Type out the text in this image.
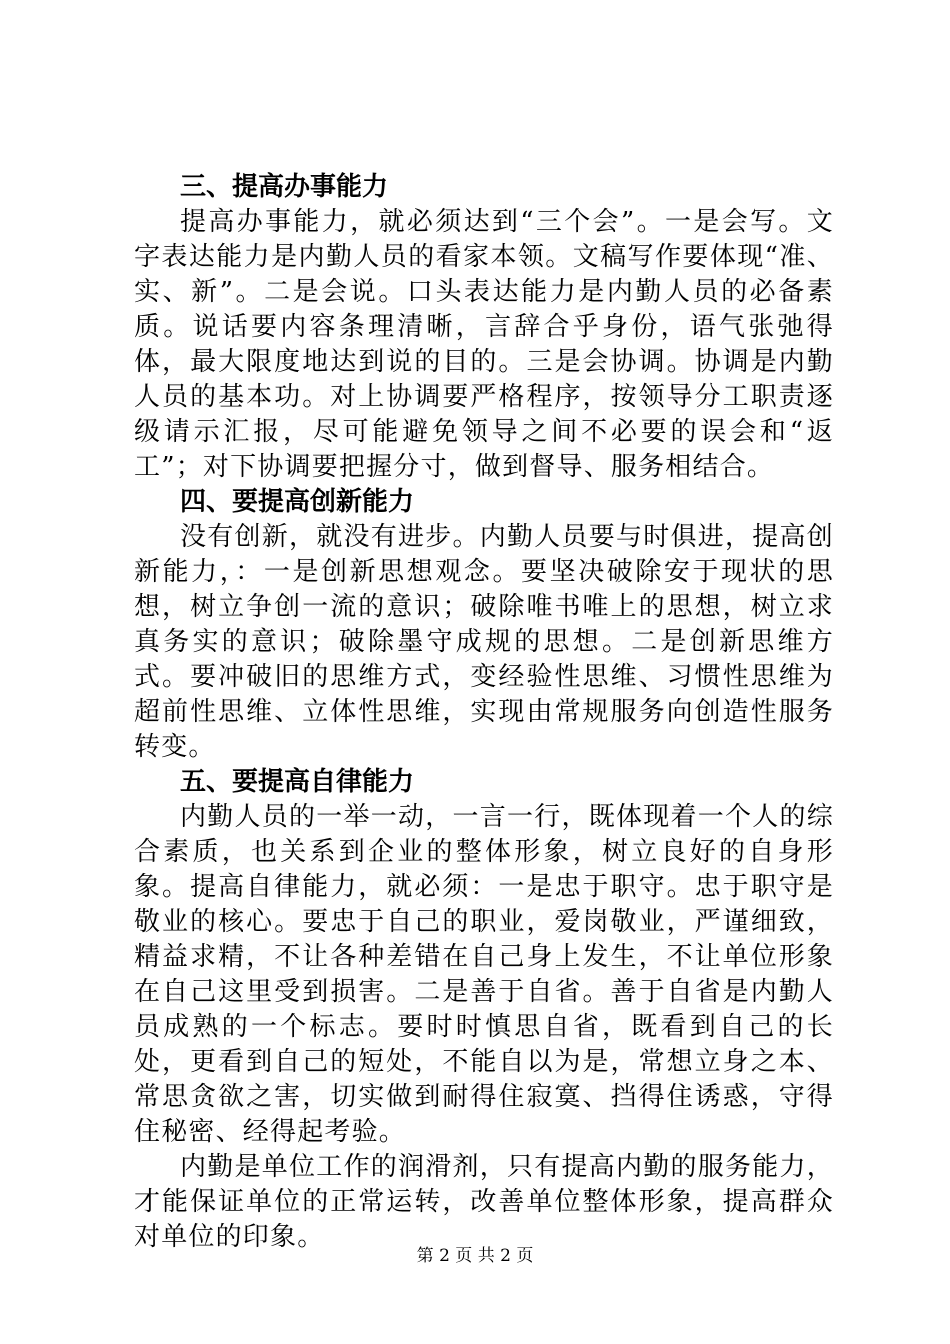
三、提高办事能力

提高办事能力，就必须达到“三个会”。一是会写。文字表达能力是内勤人员的看家本领。文稿写作要体现“准、实、新”。二是会说。口头表达能力是内勤人员的必备素质。说话要内容条理清晰，言辞合乎身份，语气张弛得体，最大限度地达到说的目的。三是会协调。协调是内勤人员的基本功。对上协调要严格程序，按领导分工职责逐级请示汇报，尽可能避免领导之间不必要的误会和“返工”；对下协调要把握分寸，做到督导、服务相结合。

四、要提高创新能力

没有创新，就没有进步。内勤人员要与时俱进，提高创新能力，：一是创新思想观念。要坚决破除安于现状的思想，树立争创一流的意识；破除唯书唯上的思想，树立求真务实的意识；破除墨守成规的思想。二是创新思维方式。要冲破旧的思维方式，变经验性思维、习惯性思维为超前性思维、立体性思维，实现由常规服务向创造性服务转变。

五、要提高自律能力

内勤人员的一举一动，一言一行，既体现着一个人的综合素质，也关系到企业的整体形象，树立良好的自身形象。提高自律能力，就必须：一是忠于职守。忠于职守是敬业的核心。要忠于自己的职业，爱岗敬业，严谨细致，精益求精，不让各种差错在自己身上发生，不让单位形象在自己这里受到损害。二是善于自省。善于自省是内勤人员成熟的一个标志。要时时慎思自省，既看到自己的长处，更看到自己的短处，不能自以为是，常想立身之本、常思贪欲之害，切实做到耐得住寂寞、挡得住诱惑，守得住秘密、经得起考验。

内勤是单位工作的润滑剂，只有提高内勤的服务能力，才能保证单位的正常运转，改善单位整体形象，提高群众对单位的印象。

第 2 页 共 2 页
